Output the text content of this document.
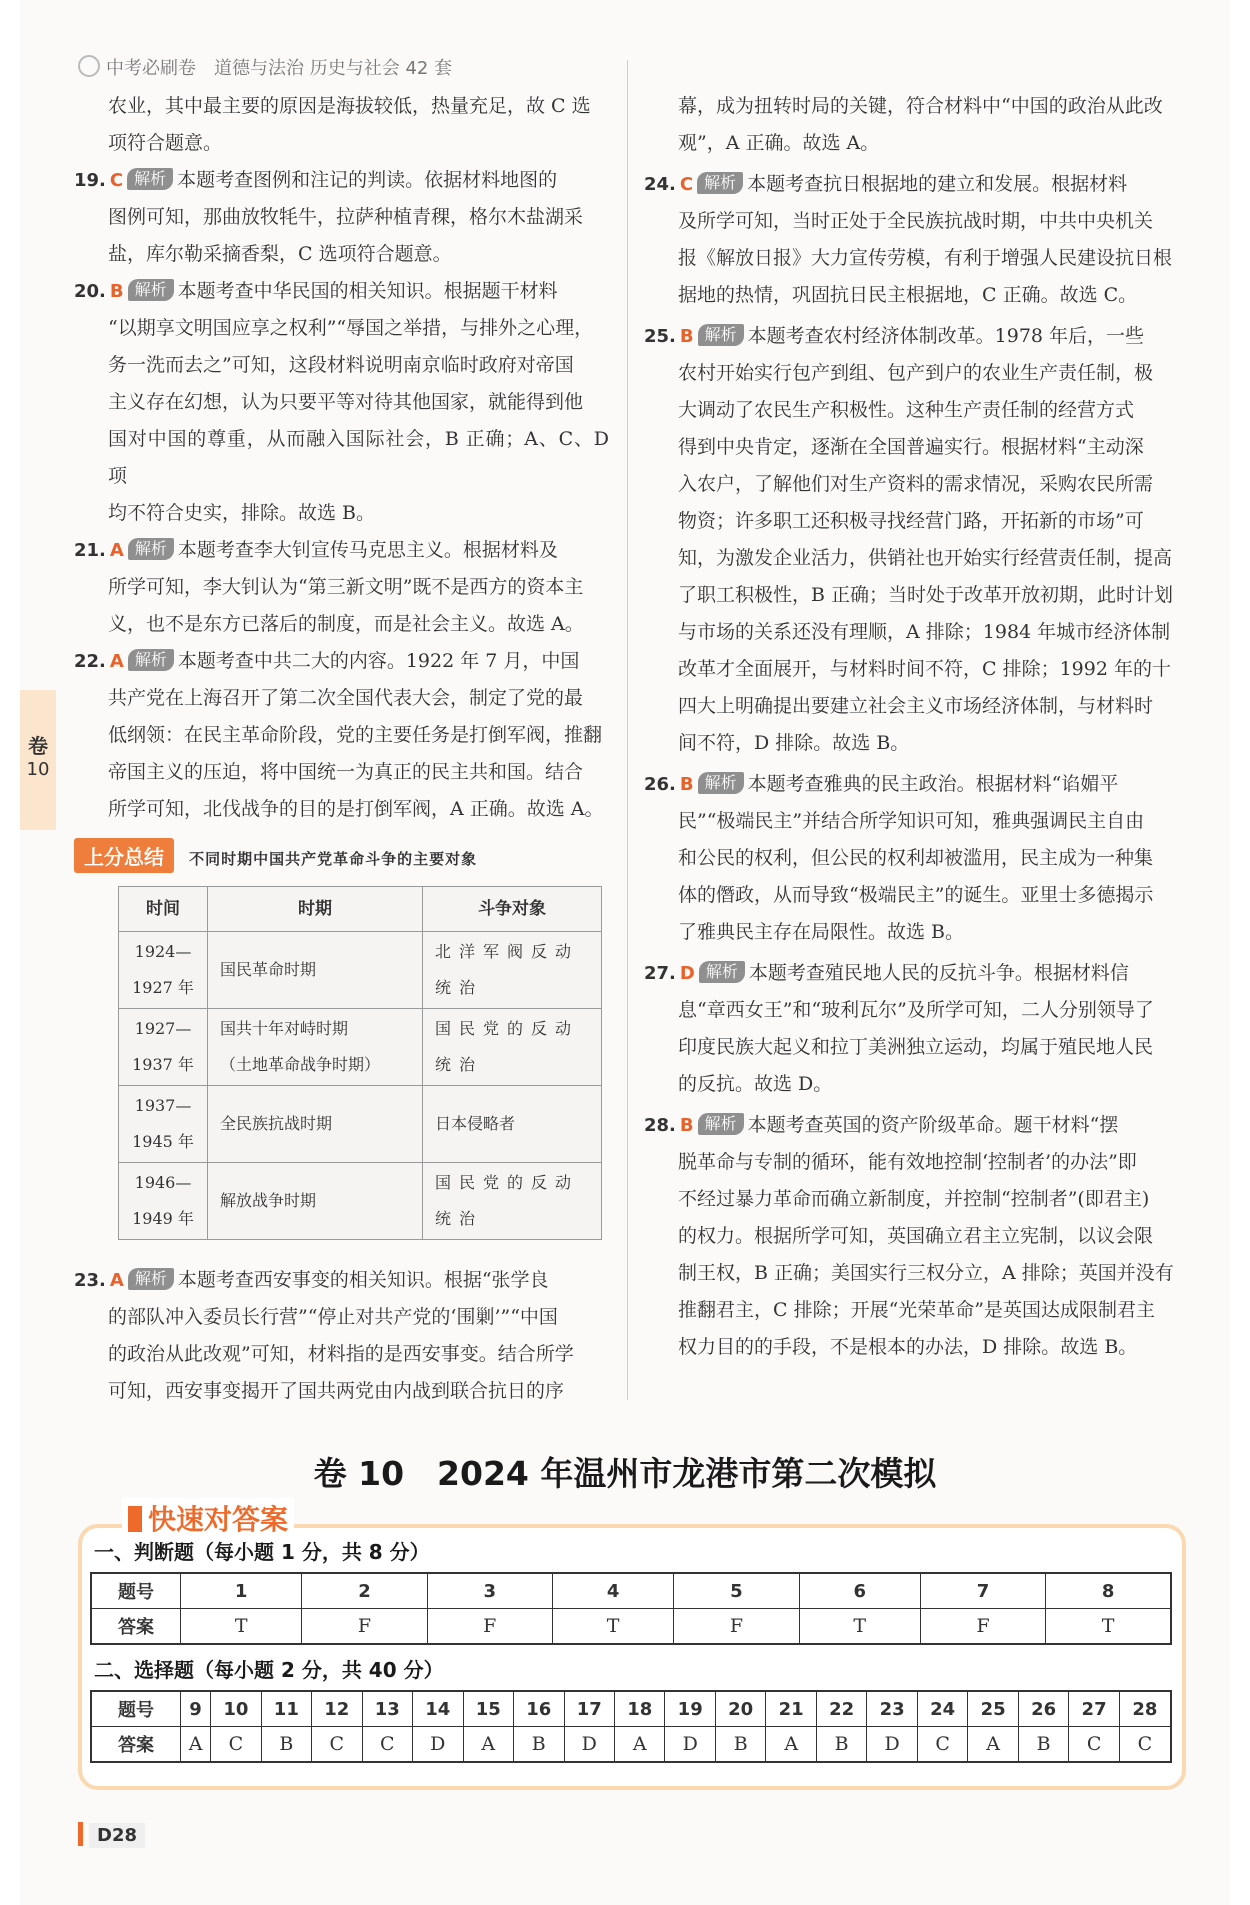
中考必刷卷　道德与法治 历史与社会 42 套
卷
10

农业，其中最主要的原因是海拔较低，热量充足，故 C 选

项符合题意。

19. C 解析 本题考查图例和注记的判读。依据材料地图的

图例可知，那曲放牧牦牛，拉萨种植青稞，格尔木盐湖采

盐，库尔勒采摘香梨，C 选项符合题意。

20. B 解析 本题考查中华民国的相关知识。根据题干材料

“以期享文明国应享之权利”“辱国之举措，与排外之心理，

务一洗而去之”可知，这段材料说明南京临时政府对帝国

主义存在幻想，认为只要平等对待其他国家，就能得到他

国对中国的尊重，从而融入国际社会，B 正确；A、C、D 项

均不符合史实，排除。故选 B。

21. A 解析 本题考查李大钊宣传马克思主义。根据材料及

所学可知，李大钊认为“第三新文明”既不是西方的资本主

义，也不是东方已落后的制度，而是社会主义。故选 A。

22. A 解析 本题考查中共二大的内容。1922 年 7 月，中国

共产党在上海召开了第二次全国代表大会，制定了党的最

低纲领：在民主革命阶段，党的主要任务是打倒军阀，推翻

帝国主义的压迫，将中国统一为真正的民主共和国。结合

所学可知，北伐战争的目的是打倒军阀，A 正确。故选 A。

上分总结 不同时期中国共产党革命斗争的主要对象
时间	时期	斗争对象
1924—
1927 年	国民革命时期	北洋军阀反动
统治
1927—
1937 年	国共十年对峙时期
（土地革命战争时期）	国民党的反动
统治
1937—
1945 年	全民族抗战时期	日本侵略者
1946—
1949 年	解放战争时期	国民党的反动
统治

23. A 解析 本题考查西安事变的相关知识。根据“张学良

的部队冲入委员长行营”“停止对共产党的‘围剿’”“中国

的政治从此改观”可知，材料指的是西安事变。结合所学

可知，西安事变揭开了国共两党由内战到联合抗日的序

幕，成为扭转时局的关键，符合材料中“中国的政治从此改

观”，A 正确。故选 A。

24. C 解析 本题考查抗日根据地的建立和发展。根据材料

及所学可知，当时正处于全民族抗战时期，中共中央机关

报《解放日报》大力宣传劳模，有利于增强人民建设抗日根

据地的热情，巩固抗日民主根据地，C 正确。故选 C。

25. B 解析 本题考查农村经济体制改革。1978 年后，一些

农村开始实行包产到组、包产到户的农业生产责任制，极

大调动了农民生产积极性。这种生产责任制的经营方式

得到中央肯定，逐渐在全国普遍实行。根据材料“主动深

入农户，了解他们对生产资料的需求情况，采购农民所需

物资；许多职工还积极寻找经营门路，开拓新的市场”可

知，为激发企业活力，供销社也开始实行经营责任制，提高

了职工积极性，B 正确；当时处于改革开放初期，此时计划

与市场的关系还没有理顺，A 排除；1984 年城市经济体制

改革才全面展开，与材料时间不符，C 排除；1992 年的十

四大上明确提出要建立社会主义市场经济体制，与材料时

间不符，D 排除。故选 B。

26. B 解析 本题考查雅典的民主政治。根据材料“谄媚平

民”“极端民主”并结合所学知识可知，雅典强调民主自由

和公民的权利，但公民的权利却被滥用，民主成为一种集

体的僭政，从而导致“极端民主”的诞生。亚里士多德揭示

了雅典民主存在局限性。故选 B。

27. D 解析 本题考查殖民地人民的反抗斗争。根据材料信

息“章西女王”和“玻利瓦尔”及所学可知，二人分别领导了

印度民族大起义和拉丁美洲独立运动，均属于殖民地人民

的反抗。故选 D。

28. B 解析 本题考查英国的资产阶级革命。题干材料“摆

脱革命与专制的循环，能有效地控制‘控制者’的办法”即

不经过暴力革命而确立新制度，并控制“控制者”(即君主)

的权力。根据所学可知，英国确立君主立宪制，以议会限

制王权，B 正确；美国实行三权分立，A 排除；英国并没有

推翻君主，C 排除；开展“光荣革命”是英国达成限制君主

权力目的的手段，不是根本的办法，D 排除。故选 B。

卷 10　2024 年温州市龙港市第二次模拟
快速对答案
一、判断题（每小题 1 分，共 8 分）
题号	1	2	3	4	5	6	7	8
答案	T	F	F	T	F	T	F	T
二、选择题（每小题 2 分，共 40 分）
题号	9	10	11	12	13	14	15	16	17	18	19	20	21	22	23	24	25	26	27	28
答案	A	C	B	C	C	D	A	B	D	A	D	B	A	B	D	C	A	B	C	C
D28
